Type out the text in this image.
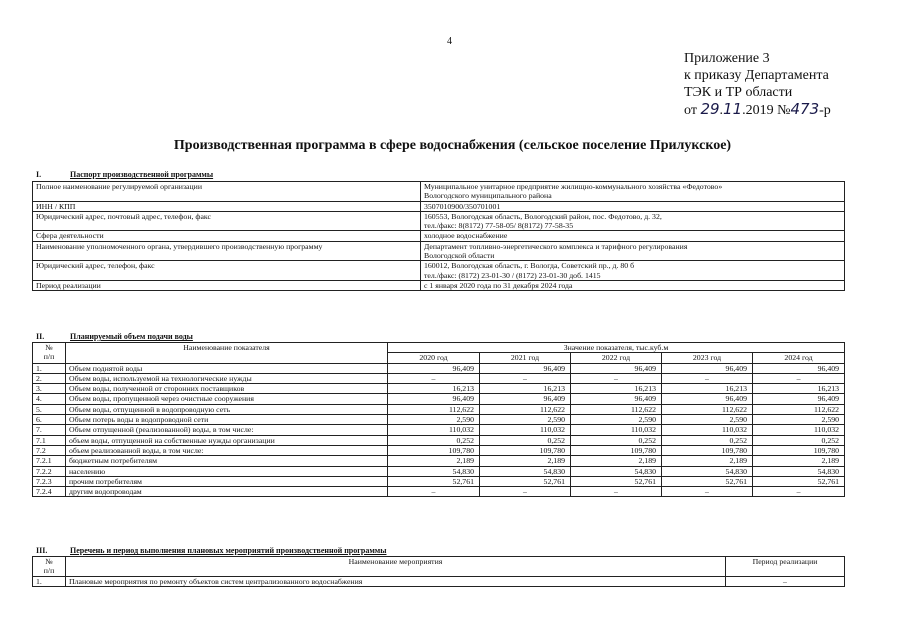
4
Приложение 3
к приказу Департамента
ТЭК и ТР области
от 29.11.2019 №473-р
Производственная программа в сфере водоснабжения (сельское поселение Прилукское)
I.	Паспорт производственной программы
Полное наименование регулируемой организации	Муниципальное унитарное предприятие жилищно-коммунального хозяйства «Федотово»
Вологодского муниципального района

ИНН / КПП	3507010900/350701001

Юридический адрес, почтовый адрес, телефон, факс	160553, Вологодская область, Вологодский район, пос. Федотово, д. 32,
тел./факс: 8(8172) 77-58-05/ 8(8172) 77-58-35

Сфера деятельности	холодное водоснабжение

Наименование уполномоченного органа, утвердившего производственную программу	Департамент топливно-энергетического комплекса и тарифного регулирования
Вологодской области

Юридический адрес, телефон, факс	160012, Вологодская область, г. Вологда, Советский пр., д. 80 б
тел./факс: (8172) 23-01-30 / (8172) 23-01-30 доб. 1415

Период реализации	с 1 января 2020 года по 31 декабря 2024 года
II.	Планируемый объем подачи воды
№
п/п	Наименование показателя	Значение показателя, тыс.куб.м				
		2020 год	2021 год	2022 год	2023 год	2024 год
1.	Объем поднятой воды	96,409	96,409	96,409	96,409	96,409
2.	Объем воды, используемой на технологические нужды	–	–	–	–	–
3.	Объем воды, полученной от сторонних поставщиков	16,213	16,213	16,213	16,213	16,213
4.	Объем воды, пропущенной через очистные сооружения	96,409	96,409	96,409	96,409	96,409
5.	Объем воды, отпущенной в водопроводную сеть	112,622	112,622	112,622	112,622	112,622
6.	Объем потерь воды в водопроводной сети	2,590	2,590	2,590	2,590	2,590
7.	Объем отпущенной (реализованной) воды, в том числе:	110,032	110,032	110,032	110,032	110,032
7.1	объем воды, отпущенной на собственные нужды организации	0,252	0,252	0,252	0,252	0,252
7.2	объем реализованной воды, в том числе:	109,780	109,780	109,780	109,780	109,780
7.2.1	бюджетным потребителям	2,189	2,189	2,189	2,189	2,189
7.2.2	населению	54,830	54,830	54,830	54,830	54,830
7.2.3	прочим потребителям	52,761	52,761	52,761	52,761	52,761
7.2.4	другим водопроводам	–	–	–	–	–
III.	Перечень и период выполнения плановых мероприятий производственной программы
№
п/п	Наименование мероприятия	Период реализации
1.	Плановые мероприятия по ремонту объектов систем централизованного водоснабжения	–
